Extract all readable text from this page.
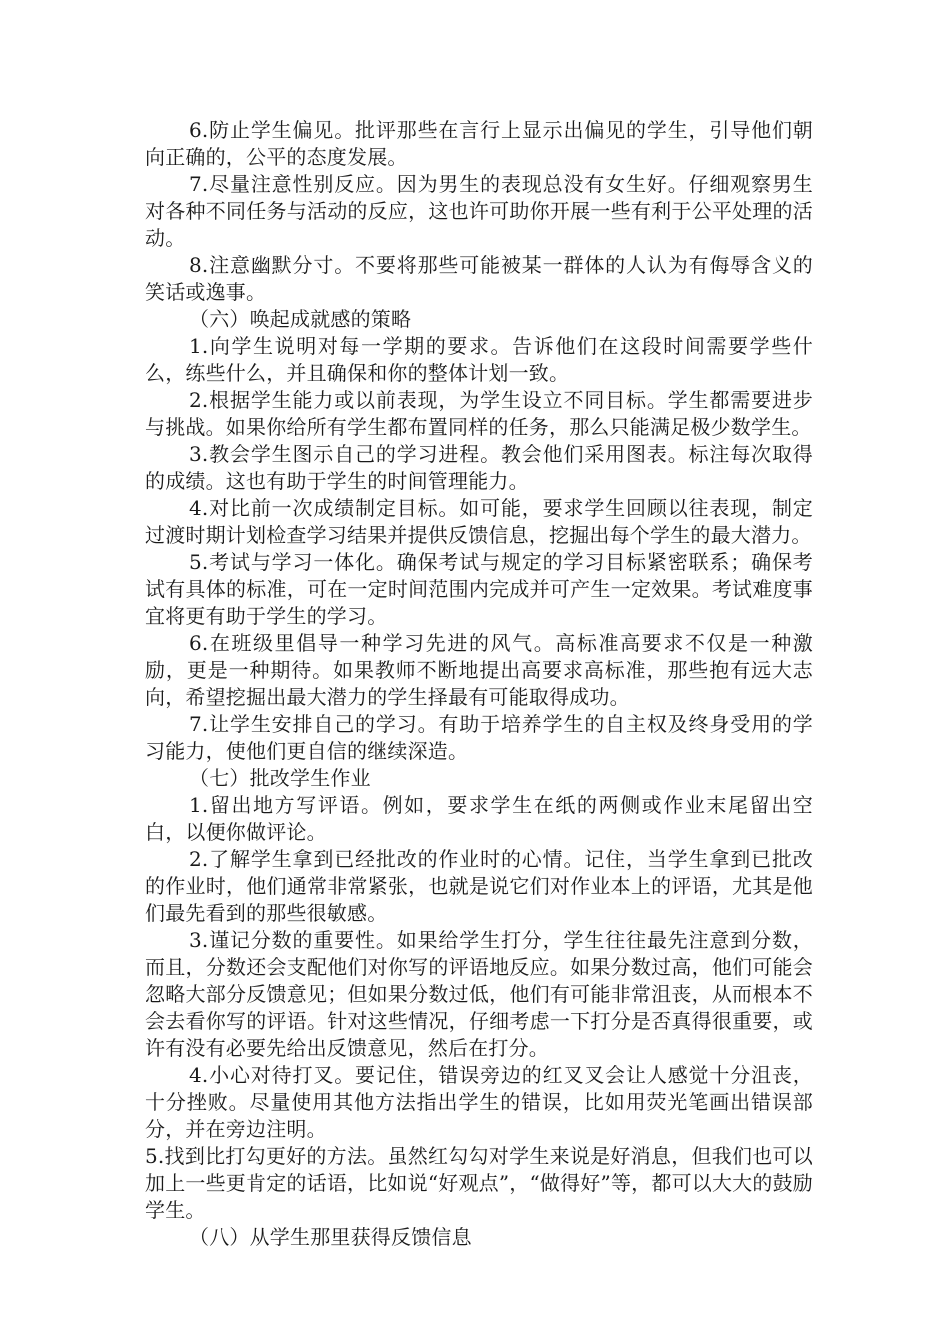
6.防止学生偏见。批评那些在言行上显示出偏见的学生，引导他们朝向正确的，公平的态度发展。

7.尽量注意性别反应。因为男生的表现总没有女生好。仔细观察男生对各种不同任务与活动的反应，这也许可助你开展一些有利于公平处理的活动。

8.注意幽默分寸。不要将那些可能被某一群体的人认为有侮辱含义的笑话或逸事。

（六）唤起成就感的策略

1.向学生说明对每一学期的要求。告诉他们在这段时间需要学些什么，练些什么，并且确保和你的整体计划一致。

2.根据学生能力或以前表现，为学生设立不同目标。学生都需要进步与挑战。如果你给所有学生都布置同样的任务，那么只能满足极少数学生。

3.教会学生图示自己的学习进程。教会他们采用图表。标注每次取得的成绩。这也有助于学生的时间管理能力。

4.对比前一次成绩制定目标。如可能，要求学生回顾以往表现，制定过渡时期计划检查学习结果并提供反馈信息，挖掘出每个学生的最大潜力。

5.考试与学习一体化。确保考试与规定的学习目标紧密联系；确保考试有具体的标准，可在一定时间范围内完成并可产生一定效果。考试难度事宜将更有助于学生的学习。

6.在班级里倡导一种学习先进的风气。高标准高要求不仅是一种激励，更是一种期待。如果教师不断地提出高要求高标准，那些抱有远大志向，希望挖掘出最大潜力的学生择最有可能取得成功。

7.让学生安排自己的学习。有助于培养学生的自主权及终身受用的学习能力，使他们更自信的继续深造。

（七）批改学生作业

1.留出地方写评语。例如，要求学生在纸的两侧或作业末尾留出空白，以便你做评论。

2.了解学生拿到已经批改的作业时的心情。记住，当学生拿到已批改的作业时，他们通常非常紧张，也就是说它们对作业本上的评语，尤其是他们最先看到的那些很敏感。

3.谨记分数的重要性。如果给学生打分，学生往往最先注意到分数，而且，分数还会支配他们对你写的评语地反应。如果分数过高，他们可能会忽略大部分反馈意见；但如果分数过低，他们有可能非常沮丧，从而根本不会去看你写的评语。针对这些情况，仔细考虑一下打分是否真得很重要，或许有没有必要先给出反馈意见，然后在打分。

4.小心对待打叉。要记住，错误旁边的红叉叉会让人感觉十分沮丧，十分挫败。尽量使用其他方法指出学生的错误，比如用荧光笔画出错误部分，并在旁边注明。

5.找到比打勾更好的方法。虽然红勾勾对学生来说是好消息，但我们也可以加上一些更肯定的话语，比如说“好观点”，“做得好”等，都可以大大的鼓励学生。

（八）从学生那里获得反馈信息
